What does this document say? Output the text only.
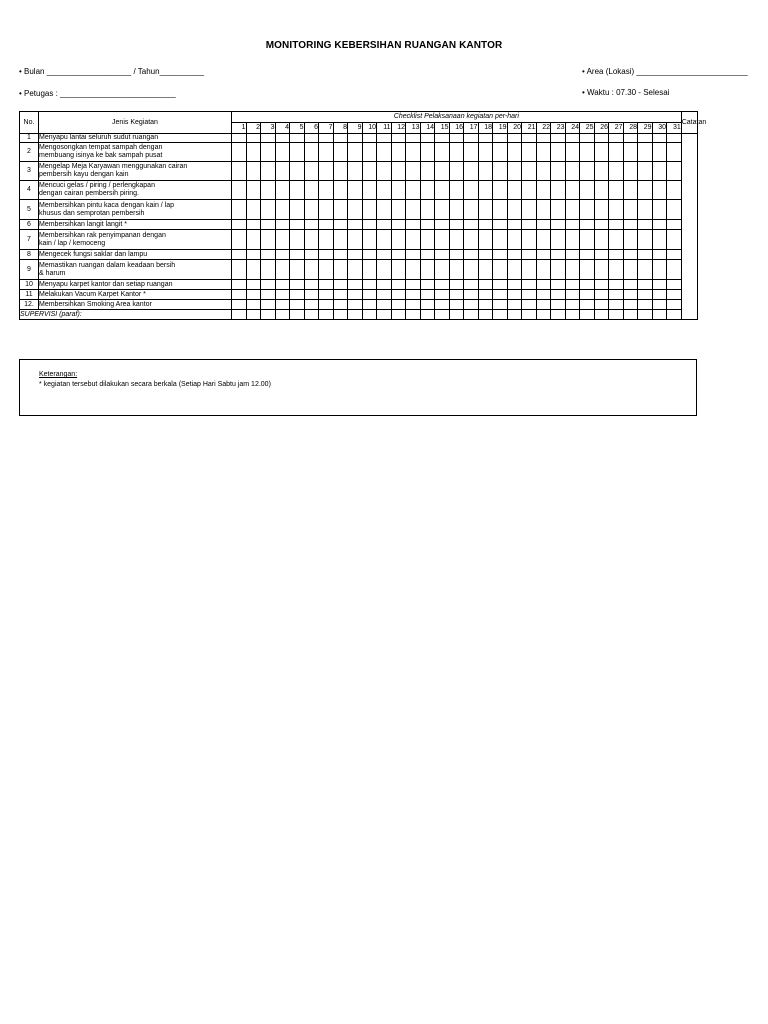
MONITORING KEBERSIHAN RUANGAN KANTOR
• Bulan ___________________ / Tahun__________	• Area (Lokasi) _________________________
• Petugas : __________________________	• Waktu : 07.30 - Selesai
No.	Jenis Kegiatan	Checklist Pelaksanaan kegiatan per-hari																															Catatan
		1	2	3	4	5	6	7	8	9	10	11	12	13	14	15	16	17	18	19	20	21	22	23	24	25	26	27	28	29	30	31	
1	Menyapu lantai seluruh sudut ruangan																																

2	Mengosongkan tempat sampah dengan
membuang isinya ke bak sampah pusat																																

3	Mengelap Meja Karyawan menggunakan cairan
pembersih kayu dengan kain																																

4	Mencuci gelas / piring / perlengkapan
dengan cairan pembersih piring.																																

5	Membersihkan pintu kaca dengan kain / lap
khusus dan semprotan pembersih																																

6	Membersihkan langit langit *																																

7	Membersihkan rak penyimpanan dengan
kain / lap / kemoceng																																

8	Mengecek fungsi saklar dan lampu																																

9	Memastikan ruangan dalam keadaan bersih
& harum																																

10	Menyapu karpet kantor dan setiap ruangan																																

11	Melakukan Vacum Karpet Kantor *																																

12.	Membersihkan Smoking Area kantor																																

SUPERVISI (paraf):																																	
Keterangan:
* kegiatan tersebut dilakukan secara berkala (Setiap Hari Sabtu jam 12.00)
